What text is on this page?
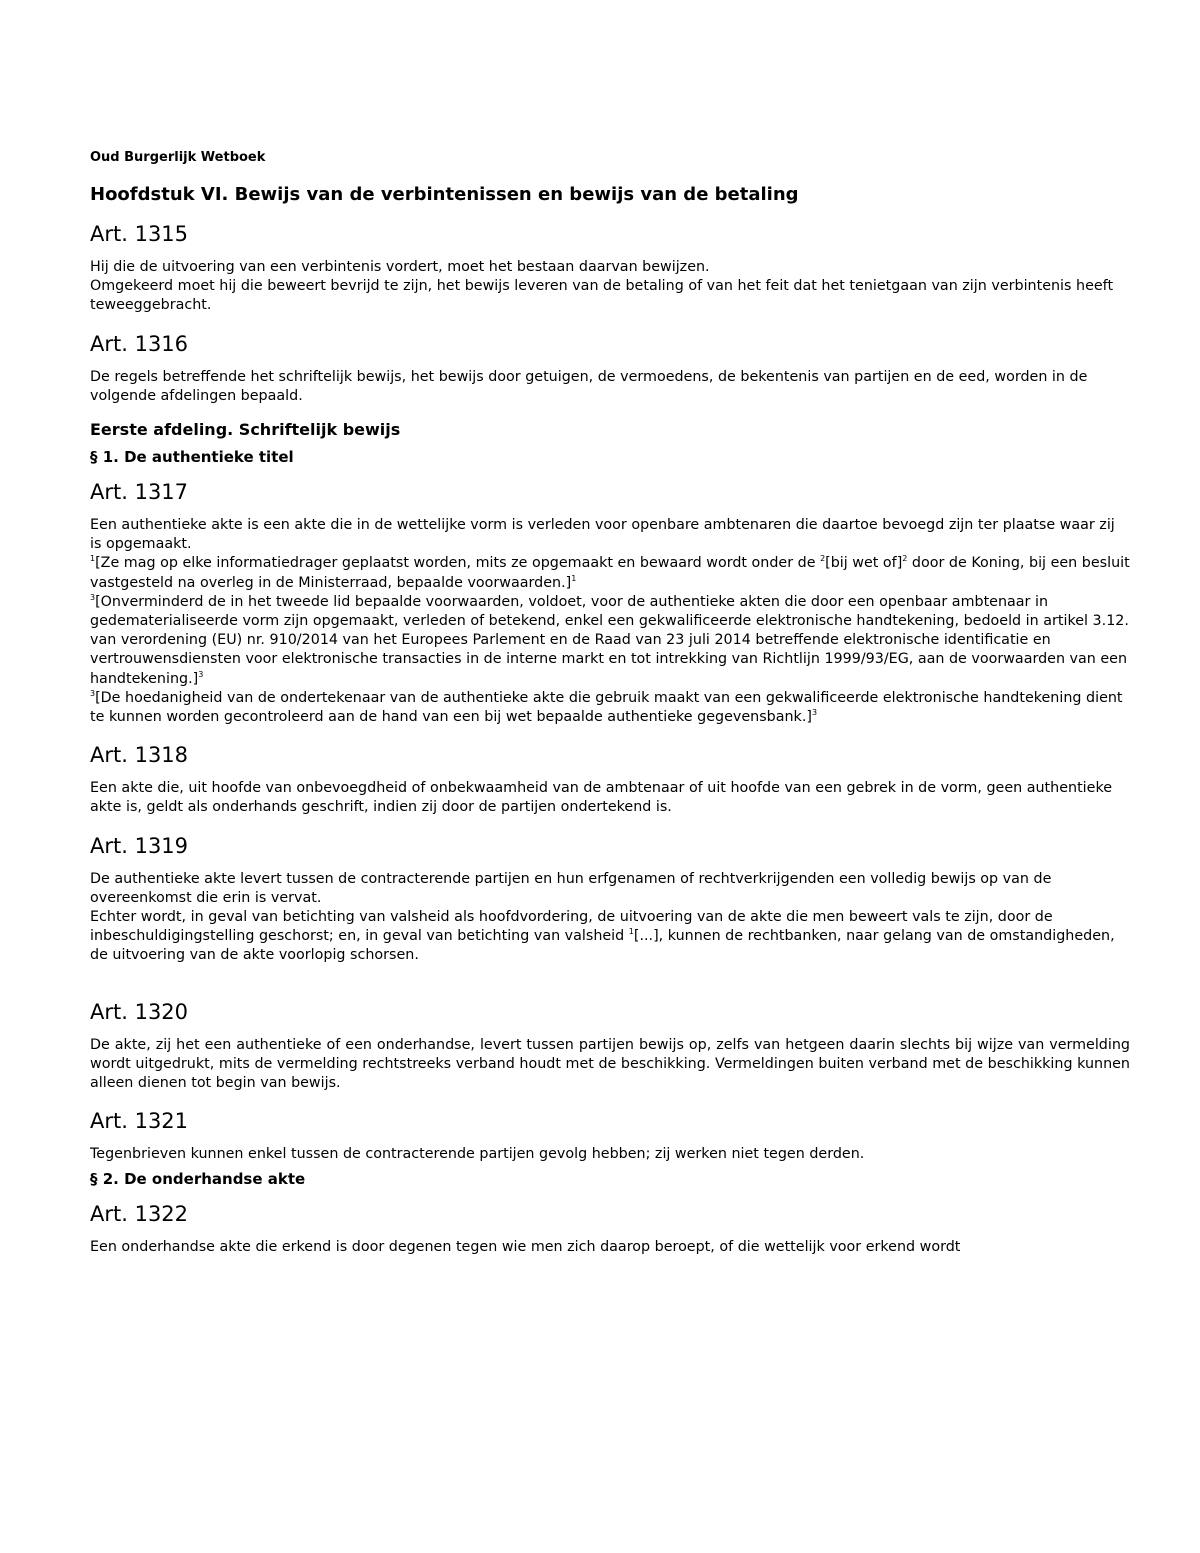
Oud Burgerlijk Wetboek
Hoofdstuk VI. Bewijs van de verbintenissen en bewijs van de betaling
Art. 1315

Hij die de uitvoering van een verbintenis vordert, moet het bestaan daarvan bewijzen.

Omgekeerd moet hij die beweert bevrijd te zijn, het bewijs leveren van de betaling of van het feit dat het tenietgaan van zijn verbintenis heeft teweeggebracht.

Art. 1316

De regels betreffende het schriftelijk bewijs, het bewijs door getuigen, de vermoedens, de bekentenis van partijen en de eed, worden in de volgende afdelingen bepaald.

Eerste afdeling. Schriftelijk bewijs
§ 1. De authentieke titel
Art. 1317

Een authentieke akte is een akte die in de wettelijke vorm is verleden voor openbare ambtenaren die daartoe bevoegd zijn ter plaatse waar zij is opgemaakt.

$^1$[Ze mag op elke informatiedrager geplaatst worden, mits ze opgemaakt en bewaard wordt onder de $^2$[bij wet of]$^2$ door de Koning, bij een besluit vastgesteld na overleg in de Ministerraad, bepaalde voorwaarden.]$^1$

$^3$[Onverminderd de in het tweede lid bepaalde voorwaarden, voldoet, voor de authentieke akten die door een openbaar ambtenaar in gedematerialiseerde vorm zijn opgemaakt, verleden of betekend, enkel een gekwalificeerde elektronische handtekening, bedoeld in artikel 3.12. van verordening (EU) nr. 910/2014 van het Europees Parlement en de Raad van 23 juli 2014 betreffende elektronische identificatie en vertrouwensdiensten voor elektronische transacties in de interne markt en tot intrekking van Richtlijn 1999/93/EG, aan de voorwaarden van een handtekening.]$^3$

$^3$[De hoedanigheid van de ondertekenaar van de authentieke akte die gebruik maakt van een gekwalificeerde elektronische handtekening dient te kunnen worden gecontroleerd aan de hand van een bij wet bepaalde authentieke gegevensbank.]$^3$

Art. 1318

Een akte die, uit hoofde van onbevoegdheid of onbekwaamheid van de ambtenaar of uit hoofde van een gebrek in de vorm, geen authentieke akte is, geldt als onderhands geschrift, indien zij door de partijen ondertekend is.

Art. 1319

De authentieke akte levert tussen de contracterende partijen en hun erfgenamen of rechtverkrijgenden een volledig bewijs op van de overeenkomst die erin is vervat.

Echter wordt, in geval van betichting van valsheid als hoofdvordering, de uitvoering van de akte die men beweert vals te zijn, door de inbeschuldigingstelling geschorst; en, in geval van betichting van valsheid $^1$[...], kunnen de rechtbanken, naar gelang van de omstandigheden, de uitvoering van de akte voorlopig schorsen.

Art. 1320

De akte, zij het een authentieke of een onderhandse, levert tussen partijen bewijs op, zelfs van hetgeen daarin slechts bij wijze van vermelding wordt uitgedrukt, mits de vermelding rechtstreeks verband houdt met de beschikking. Vermeldingen buiten verband met de beschikking kunnen alleen dienen tot begin van bewijs.

Art. 1321

Tegenbrieven kunnen enkel tussen de contracterende partijen gevolg hebben; zij werken niet tegen derden.

§ 2. De onderhandse akte
Art. 1322

Een onderhandse akte die erkend is door degenen tegen wie men zich daarop beroept, of die wettelijk voor erkend wordt
